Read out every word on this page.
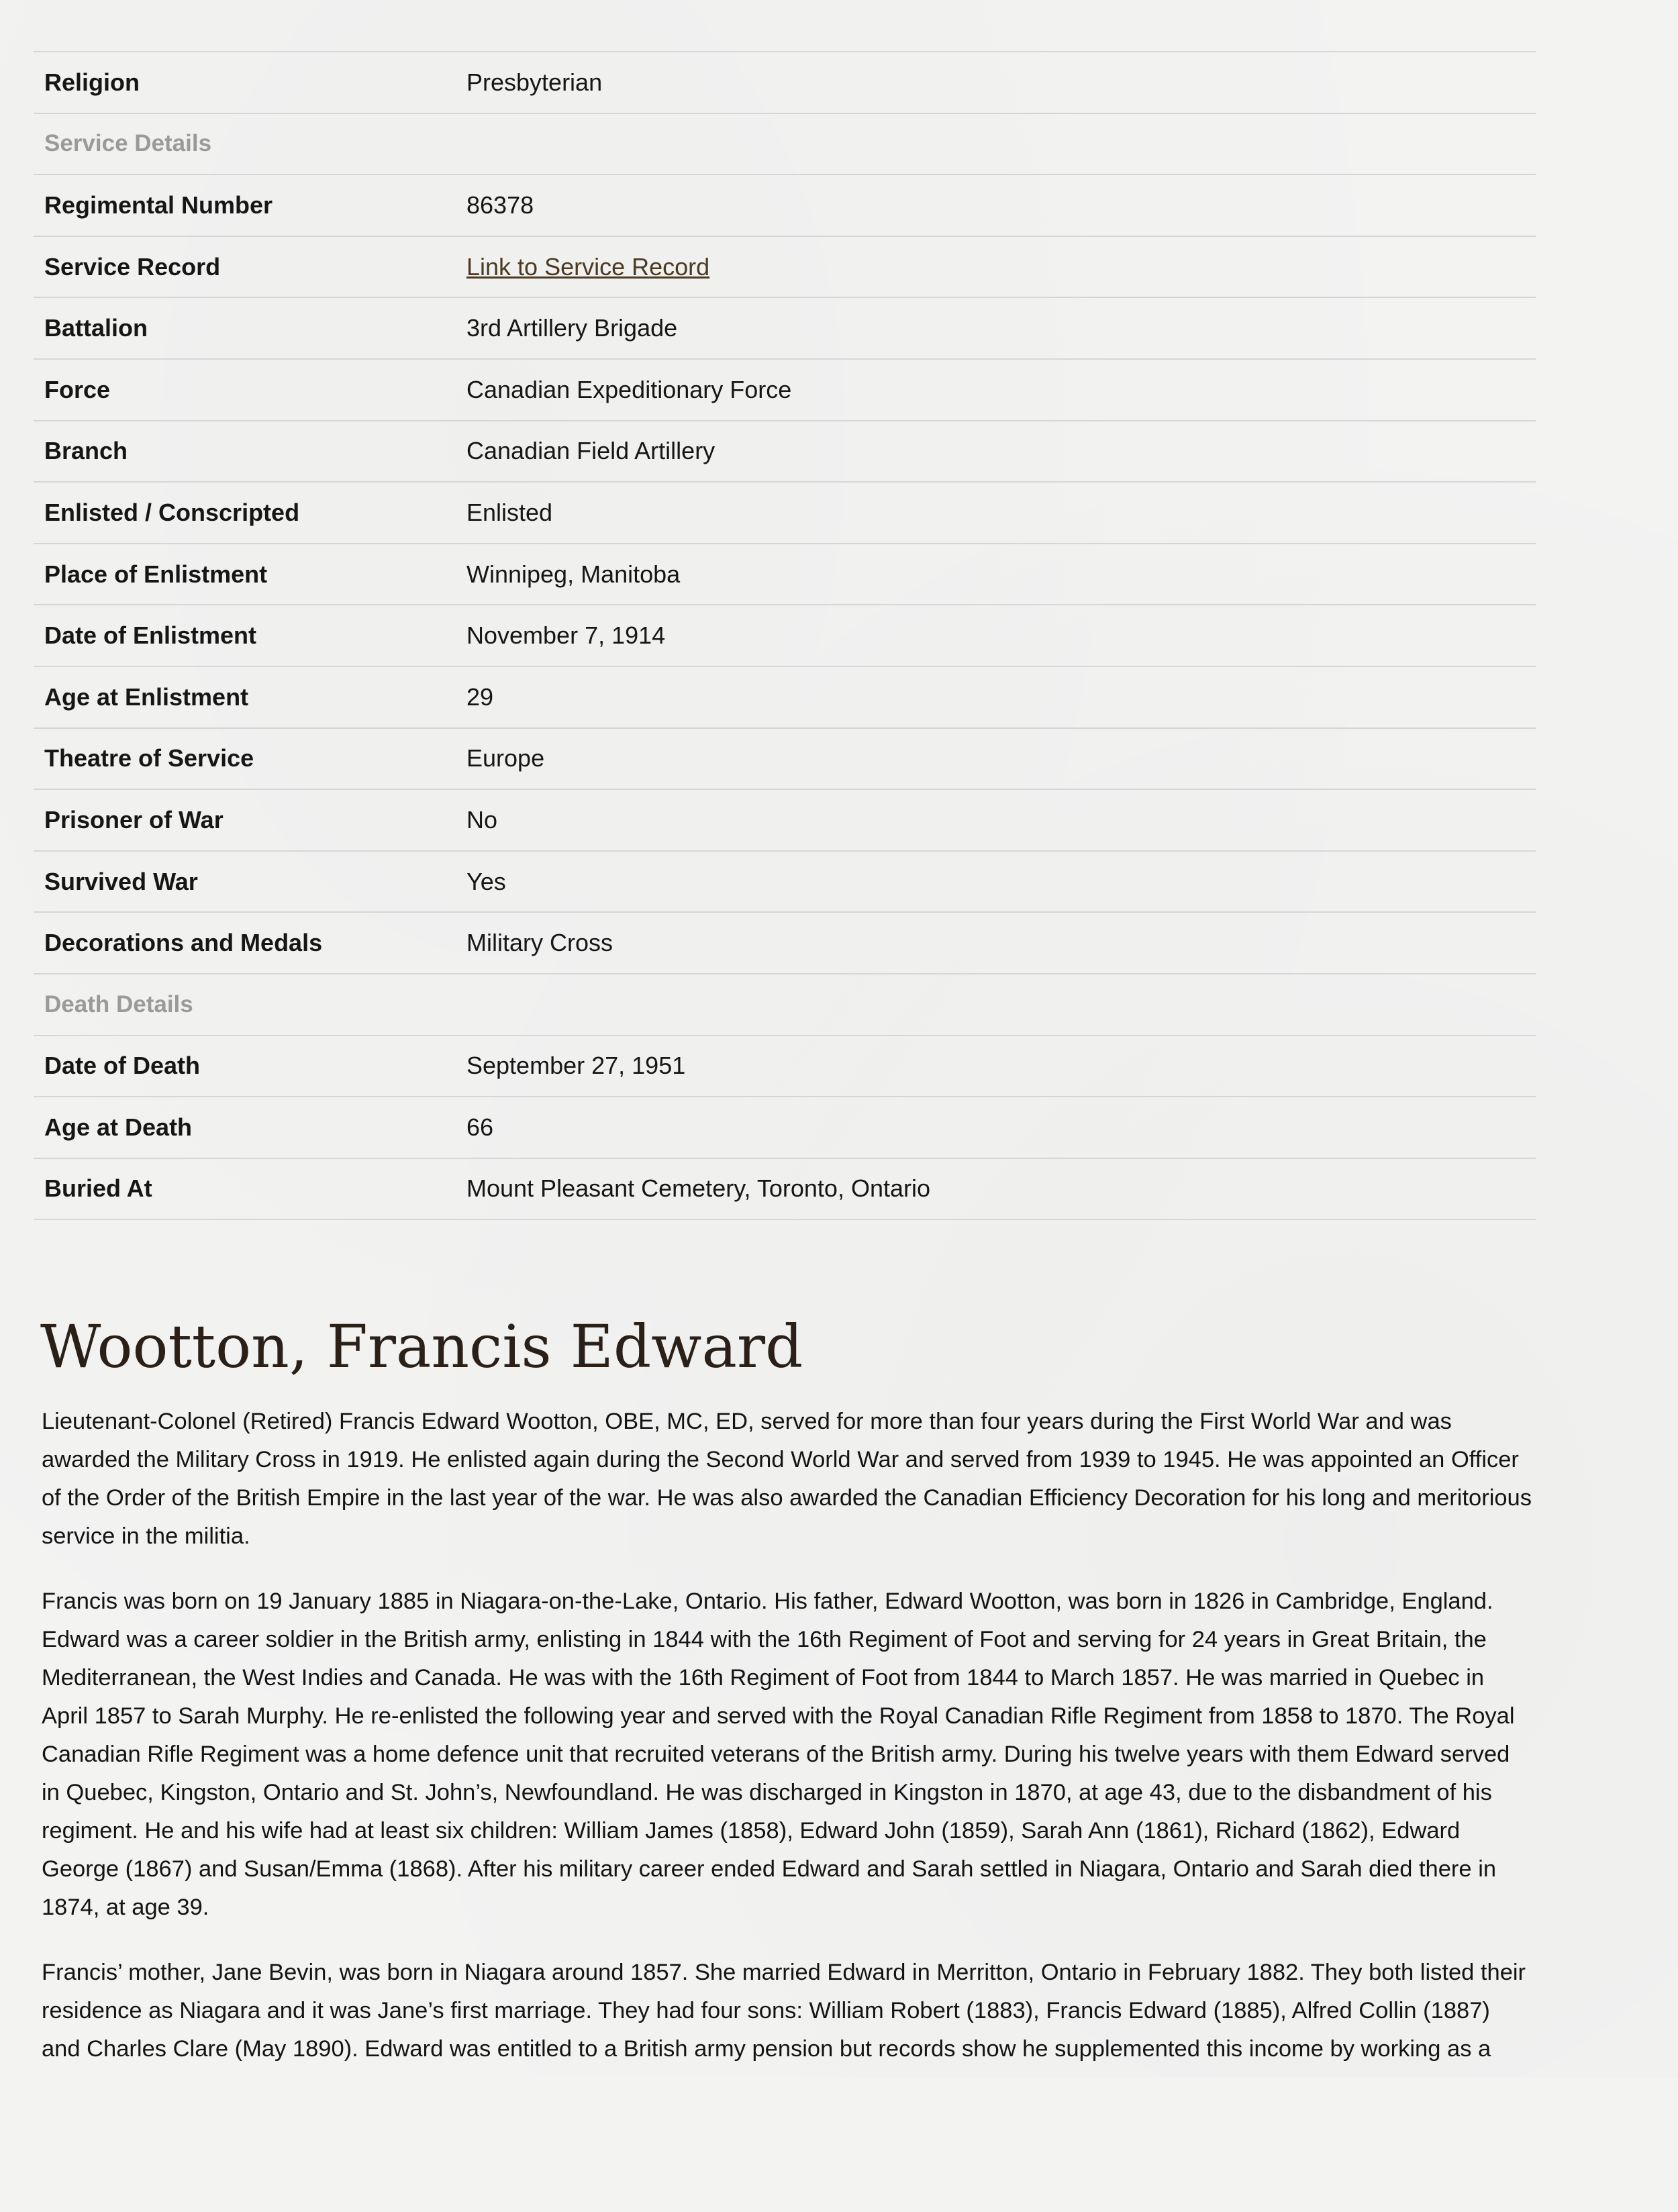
Religion	Presbyterian
Service Details
Regimental Number	86378
Service Record	Link to Service Record
Battalion	3rd Artillery Brigade
Force	Canadian Expeditionary Force
Branch	Canadian Field Artillery
Enlisted / Conscripted	Enlisted
Place of Enlistment	Winnipeg, Manitoba
Date of Enlistment	November 7, 1914
Age at Enlistment	29
Theatre of Service	Europe
Prisoner of War	No
Survived War	Yes
Decorations and Medals	Military Cross
Death Details
Date of Death	September 27, 1951
Age at Death	66
Buried At	Mount Pleasant Cemetery, Toronto, Ontario
Wootton, Francis Edward

Lieutenant-Colonel (Retired) Francis Edward Wootton, OBE, MC, ED, served for more than four years during the First World War and was awarded the Military Cross in 1919. He enlisted again during the Second World War and served from 1939 to 1945. He was appointed an Officer of the Order of the British Empire in the last year of the war. He was also awarded the Canadian Efficiency Decoration for his long and meritorious service in the militia.

Francis was born on 19 January 1885 in Niagara-on-the-Lake, Ontario. His father, Edward Wootton, was born in 1826 in Cambridge, England. Edward was a career soldier in the British army, enlisting in 1844 with the 16th Regiment of Foot and serving for 24 years in Great Britain, the Mediterranean, the West Indies and Canada. He was with the 16th Regiment of Foot from 1844 to March 1857. He was married in Quebec in April 1857 to Sarah Murphy. He re-enlisted the following year and served with the Royal Canadian Rifle Regiment from 1858 to 1870. The Royal Canadian Rifle Regiment was a home defence unit that recruited veterans of the British army. During his twelve years with them Edward served in Quebec, Kingston, Ontario and St. John’s, Newfoundland. He was discharged in Kingston in 1870, at age 43, due to the disbandment of his regiment. He and his wife had at least six children: William James (1858), Edward John (1859), Sarah Ann (1861), Richard (1862), Edward George (1867) and Susan/Emma (1868). After his military career ended Edward and Sarah settled in Niagara, Ontario and Sarah died there in 1874, at age 39.

Francis’ mother, Jane Bevin, was born in Niagara around 1857. She married Edward in Merritton, Ontario in February 1882. They both listed their residence as Niagara and it was Jane’s first marriage. They had four sons: William Robert (1883), Francis Edward (1885), Alfred Collin (1887) and Charles Clare (May 1890). Edward was entitled to a British army pension but records show he supplemented this income by working as a
